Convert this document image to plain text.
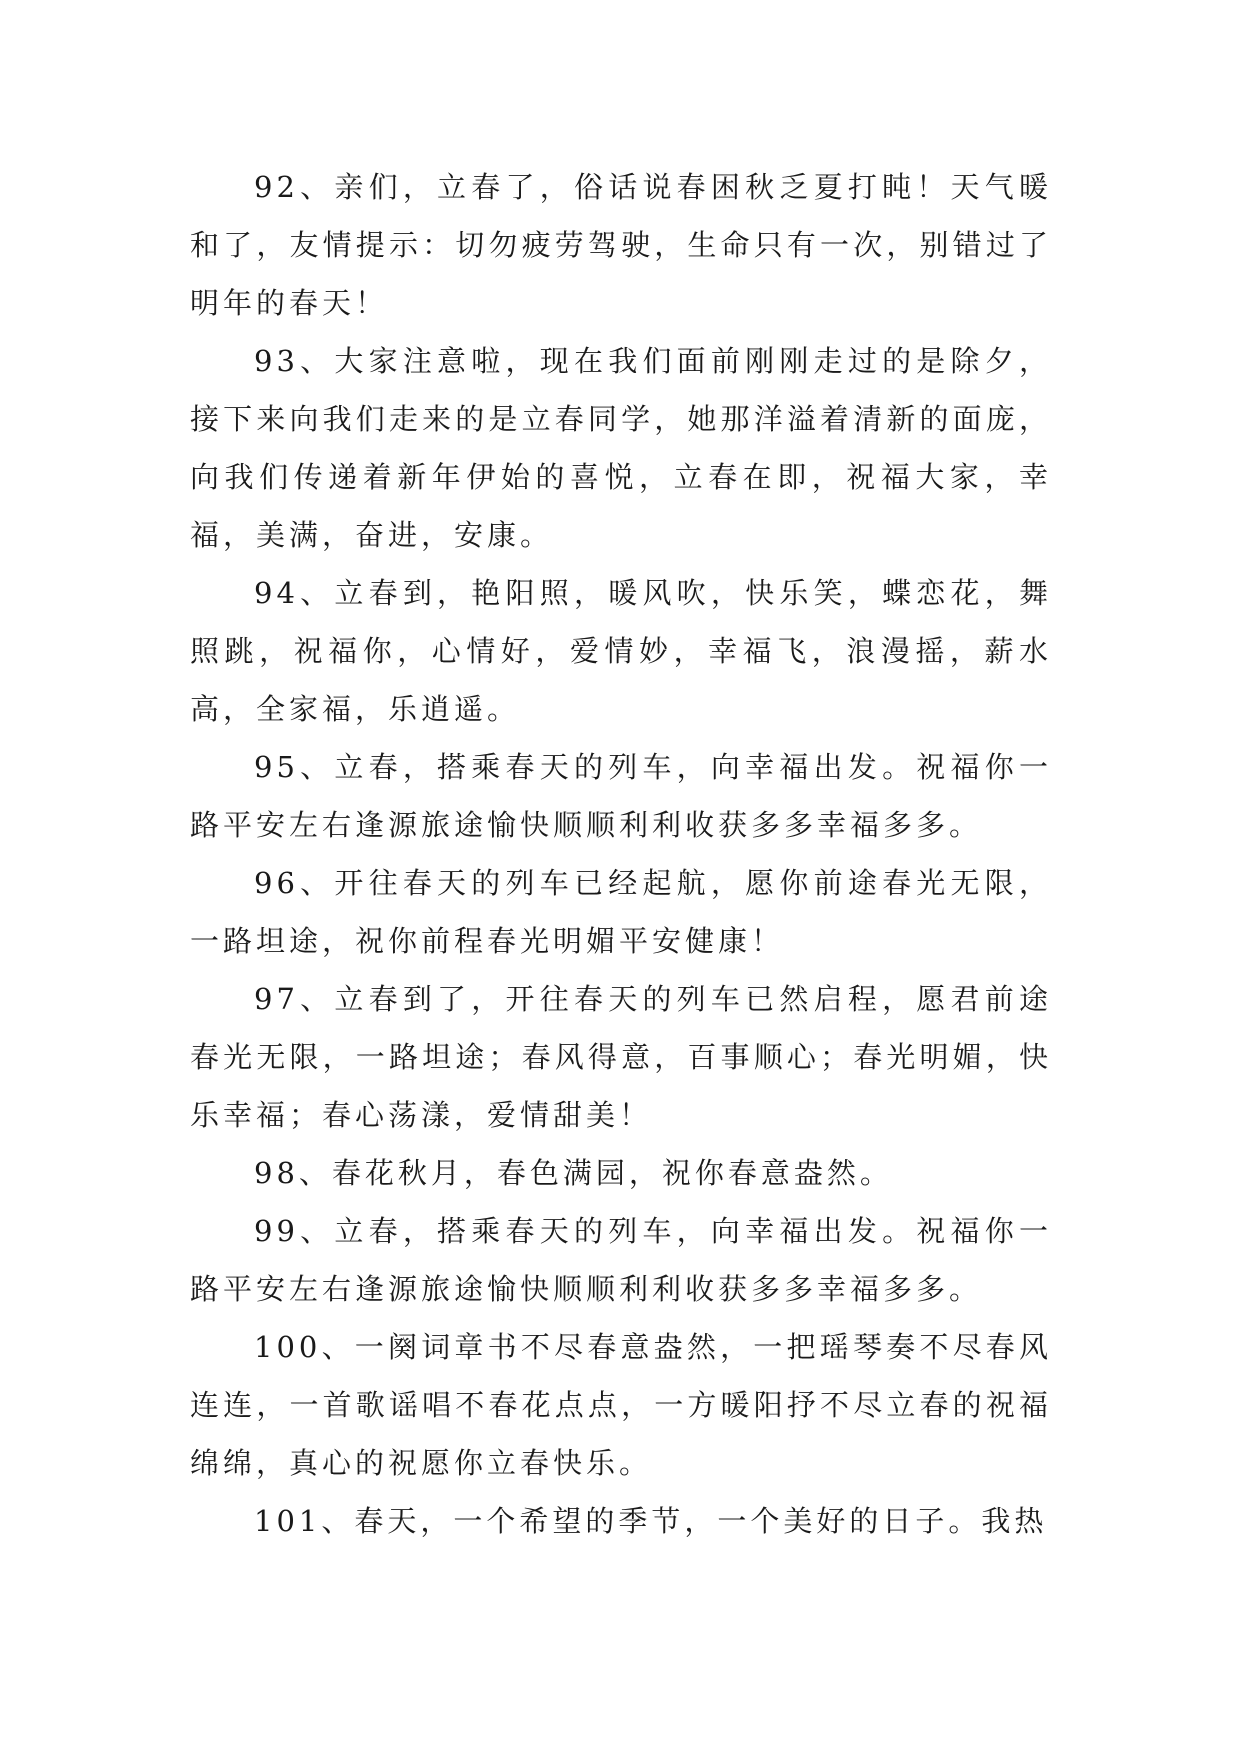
92、亲们，立春了，俗话说春困秋乏夏打盹！天气暖和了，友情提示：切勿疲劳驾驶，生命只有一次，别错过了明年的春天！

93、大家注意啦，现在我们面前刚刚走过的是除夕，接下来向我们走来的是立春同学，她那洋溢着清新的面庞，向我们传递着新年伊始的喜悦，立春在即，祝福大家，幸福，美满，奋进，安康。

94、立春到，艳阳照，暖风吹，快乐笑，蝶恋花，舞照跳，祝福你，心情好，爱情妙，幸福飞，浪漫摇，薪水高，全家福，乐逍遥。

95、立春，搭乘春天的列车，向幸福出发。祝福你一路平安左右逢源旅途愉快顺顺利利收获多多幸福多多。

96、开往春天的列车已经起航，愿你前途春光无限，一路坦途，祝你前程春光明媚平安健康！

97、立春到了，开往春天的列车已然启程，愿君前途春光无限，一路坦途；春风得意，百事顺心；春光明媚，快乐幸福；春心荡漾，爱情甜美！

98、春花秋月，春色满园，祝你春意盎然。

99、立春，搭乘春天的列车，向幸福出发。祝福你一路平安左右逢源旅途愉快顺顺利利收获多多幸福多多。

100、一阕词章书不尽春意盎然，一把瑶琴奏不尽春风连连，一首歌谣唱不春花点点，一方暖阳抒不尽立春的祝福绵绵，真心的祝愿你立春快乐。

101、春天，一个希望的季节，一个美好的日子。我热
